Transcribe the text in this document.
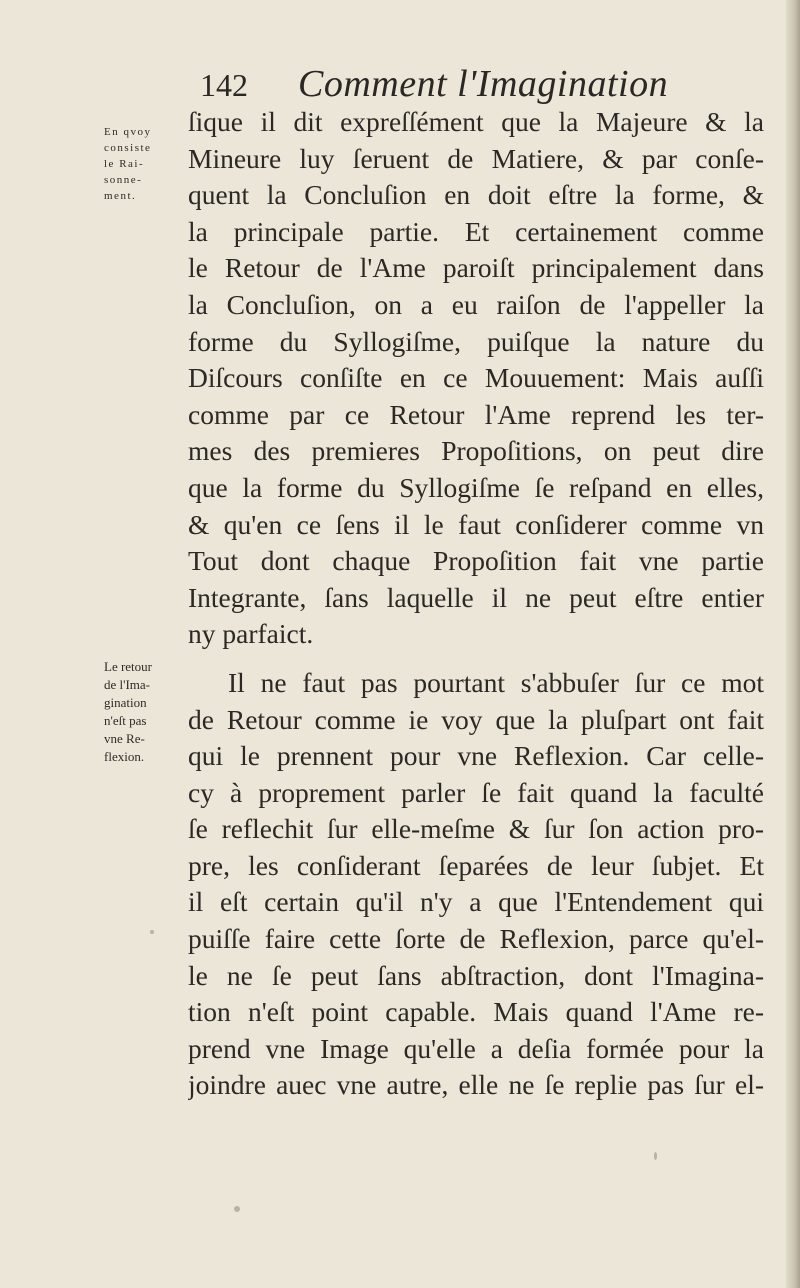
142	Comment l'Imagination
En qvoy
consiste
le Rai-
sonne-
ment.
Le retour
de l'Ima-
gination
n'eſt pas
vne Re-
flexion.
ſique il dit expreſſément que la Majeure & la
Mineure luy ſeruent de Matiere, & par conſe-
quent la Concluſion en doit eſtre la forme, &
la principale partie. Et certainement comme
le Retour de l'Ame paroiſt principalement dans
la Concluſion, on a eu raiſon de l'appeller la
forme du Syllogiſme, puiſque la nature du
Diſcours conſiſte en ce Mouuement: Mais auſſi
comme par ce Retour l'Ame reprend les ter-
mes des premieres Propoſitions, on peut dire
que la forme du Syllogiſme ſe reſpand en elles,
& qu'en ce ſens il le faut conſiderer comme vn
Tout dont chaque Propoſition fait vne partie
Integrante, ſans laquelle il ne peut eſtre entier
ny parfaict.
Il ne faut pas pourtant s'abbuſer ſur ce mot
de Retour comme ie voy que la pluſpart ont fait
qui le prennent pour vne Reflexion. Car celle-
cy à proprement parler ſe fait quand la faculté
ſe reflechit ſur elle-meſme & ſur ſon action pro-
pre, les conſiderant ſeparées de leur ſubjet. Et
il eſt certain qu'il n'y a que l'Entendement qui
puiſſe faire cette ſorte de Reflexion, parce qu'el-
le ne ſe peut ſans abſtraction, dont l'Imagina-
tion n'eſt point capable. Mais quand l'Ame re-
prend vne Image qu'elle a deſia formée pour la
joindre auec vne autre, elle ne ſe replie pas ſur el-
